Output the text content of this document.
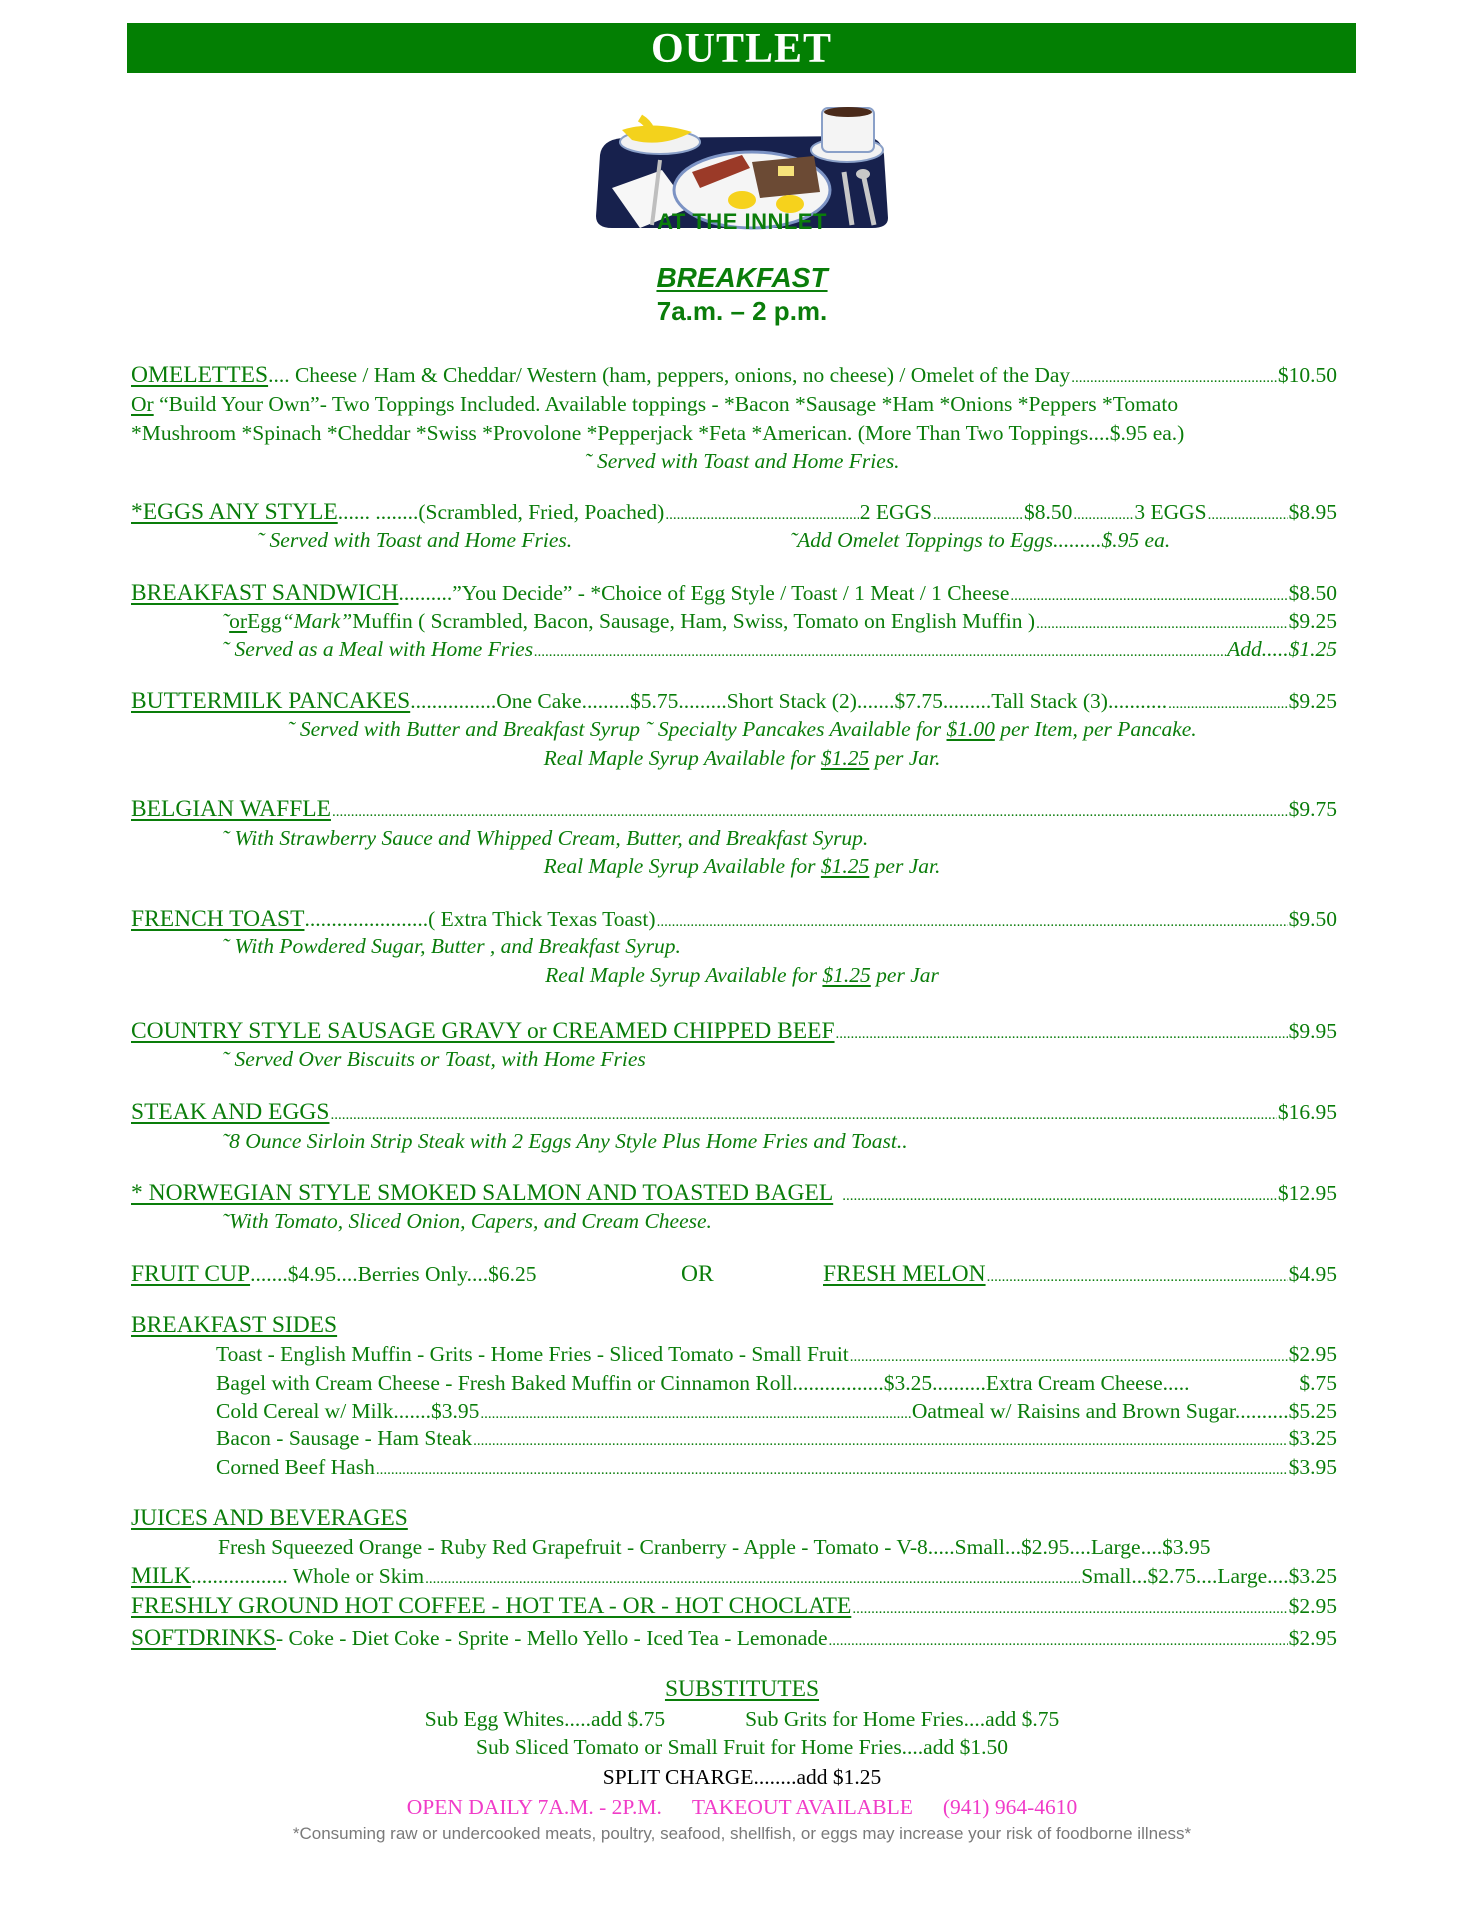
OUTLET
AT THE INNLET
BREAKFAST
7a.m. – 2 p.m.
OMELETTES .... Cheese / Ham & Cheddar/ Western (ham, peppers, onions, no cheese) / Omelet of the Day .....	$10.50
Or “Build Your Own”- Two Toppings Included. Available toppings - *Bacon *Sausage *Ham *Onions *Peppers *Tomato
*Mushroom *Spinach *Cheddar *Swiss *Provolone *Pepperjack *Feta *American. (More Than Two Toppings....$.95 ea.)
˜ Served with Toast and Home Fries.
*EGGS ANY STYLE ...... ........(Scrambled, Fried, Poached) .....	2 EGGS .....	$8.50 .....	3 EGGS .....	$8.95
˜ Served with Toast and Home Fries.	˜Add Omelet Toppings to Eggs.........$.95 ea.
BREAKFAST SANDWICH ..........”You Decide” - *Choice of Egg Style / Toast / 1 Meat / 1 Cheese .....	$8.50
˜ or Egg “Mark” Muffin ( Scrambled, Bacon, Sausage, Ham, Swiss, Tomato on English Muffin ) .....	$9.25
˜ Served as a Meal with Home Fries .....	Add.....$1.25
BUTTERMILK PANCAKES ................One Cake.........$5.75.........Short Stack (2).......$7.75.........Tall Stack (3)........... .....	$9.25
˜ Served with Butter and Breakfast Syrup ˜ Specialty Pancakes Available for $1.00 per Item, per Pancake.
Real Maple Syrup Available for $1.25 per Jar.
BELGIAN WAFFLE .....	$9.75
˜ With Strawberry Sauce and Whipped Cream, Butter, and Breakfast Syrup.
Real Maple Syrup Available for $1.25 per Jar.
FRENCH TOAST .......................( Extra Thick Texas Toast) .....	$9.50
˜ With Powdered Sugar, Butter , and Breakfast Syrup.
Real Maple Syrup Available for $1.25 per Jar
COUNTRY STYLE SAUSAGE GRAVY or CREAMED CHIPPED BEEF .....	$9.95
˜ Served Over Biscuits or Toast, with Home Fries
STEAK AND EGGS .....	$16.95
˜8 Ounce Sirloin Strip Steak with 2 Eggs Any Style Plus Home Fries and Toast..
* NORWEGIAN STYLE SMOKED SALMON AND TOASTED BAGEL .....	$12.95
˜With Tomato, Sliced Onion, Capers, and Cream Cheese.
FRUIT CUP .......$4.95....Berries Only....$6.25	OR	FRESH MELON .....	$4.95
BREAKFAST SIDES
Toast - English Muffin - Grits - Home Fries - Sliced Tomato - Small Fruit .....	$2.95
Bagel with Cream Cheese - Fresh Baked Muffin or Cinnamon Roll.................$3.25..........Extra Cream Cheese.....	$.75
Cold Cereal w/ Milk.......$3.95 .....	Oatmeal w/ Raisins and Brown Sugar.......... $5.25
Bacon - Sausage - Ham Steak .....	$3.25
Corned Beef Hash .....	$3.95
JUICES AND BEVERAGES
Fresh Squeezed Orange - Ruby Red Grapefruit - Cranberry - Apple - Tomato - V-8.....Small...$2.95....Large....$3.95
MILK .................. Whole or Skim .....	Small...$2.75....Large....$3.25
FRESHLY GROUND HOT COFFEE - HOT TEA - OR - HOT CHOCLATE .....	$2.95
SOFTDRINKS - Coke - Diet Coke - Sprite - Mello Yello - Iced Tea - Lemonade .....	$2.95
SUBSTITUTES
Sub Egg Whites.....add $.75	Sub Grits for Home Fries....add $.75
Sub Sliced Tomato or Small Fruit for Home Fries....add $1.50
SPLIT CHARGE........add $1.25
OPEN DAILY 7A.M. - 2P.M. TAKEOUT AVAILABLE (941) 964-4610
*Consuming raw or undercooked meats, poultry, seafood, shellfish, or eggs may increase your risk of foodborne illness*
